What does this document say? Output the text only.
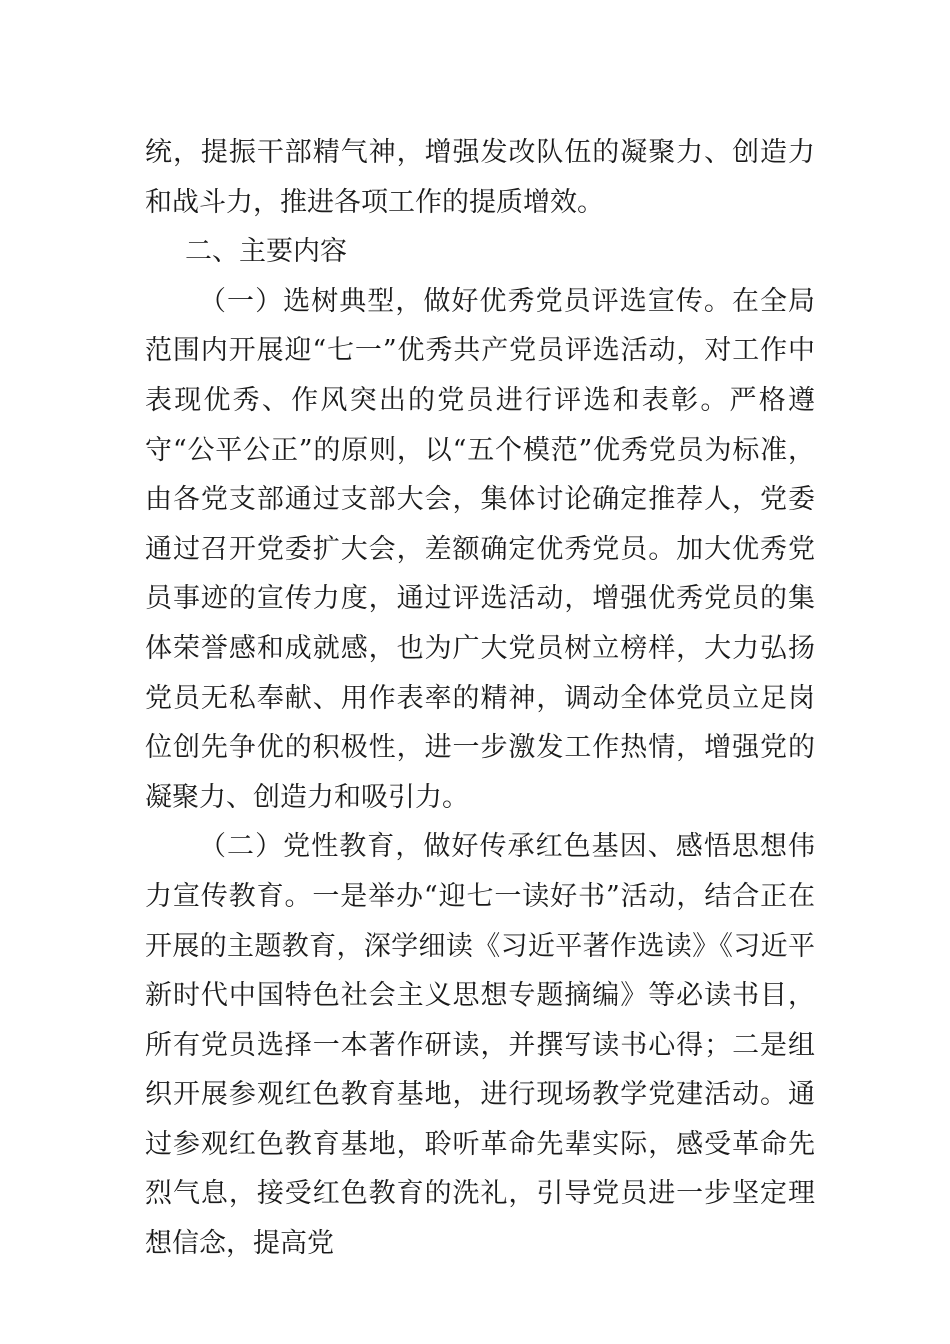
统，提振干部精气神，增强发改队伍的凝聚力、创造力和战斗力，推进各项工作的提质增效。

二、主要内容

（一）选树典型，做好优秀党员评选宣传。在全局范围内开展迎“七一”优秀共产党员评选活动，对工作中表现优秀、作风突出的党员进行评选和表彰。严格遵守“公平公正”的原则，以“五个模范”优秀党员为标准，由各党支部通过支部大会，集体讨论确定推荐人，党委通过召开党委扩大会，差额确定优秀党员。加大优秀党员事迹的宣传力度，通过评选活动，增强优秀党员的集体荣誉感和成就感，也为广大党员树立榜样，大力弘扬党员无私奉献、用作表率的精神，调动全体党员立足岗位创先争优的积极性，进一步激发工作热情，增强党的凝聚力、创造力和吸引力。

（二）党性教育，做好传承红色基因、感悟思想伟力宣传教育。一是举办“迎七一读好书”活动，结合正在开展的主题教育，深学细读《习近平著作选读》《习近平新时代中国特色社会主义思想专题摘编》等必读书目，所有党员选择一本著作研读，并撰写读书心得；二是组织开展参观红色教育基地，进行现场教学党建活动。通过参观红色教育基地，聆听革命先辈实际，感受革命先烈气息，接受红色教育的洗礼，引导党员进一步坚定理想信念，提高党
